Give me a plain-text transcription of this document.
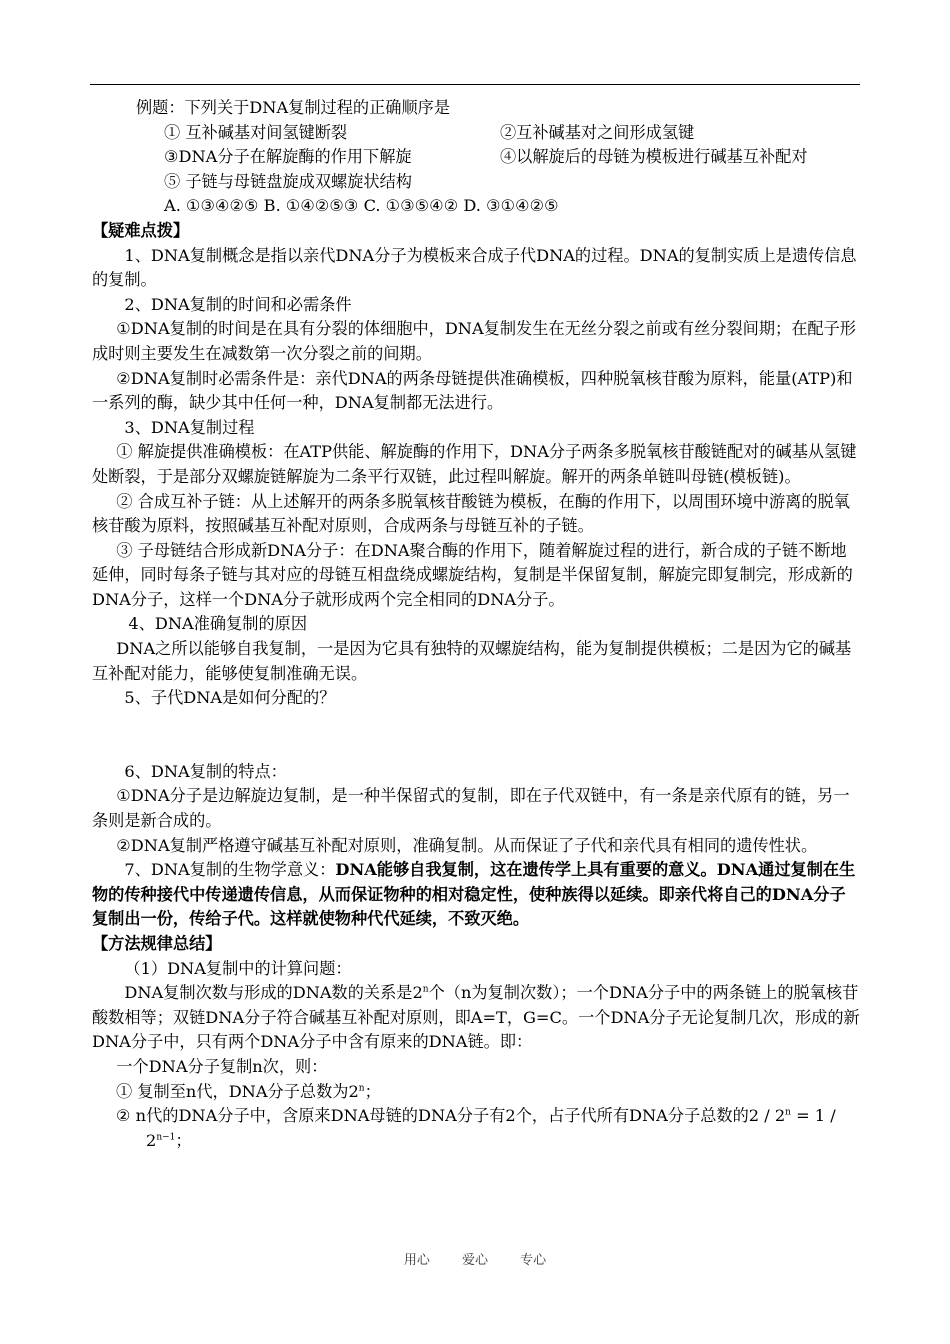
例题：下列关于DNA复制过程的正确顺序是

① 互补碱基对间氢键断裂	②互补碱基对之间形成氢键
③DNA分子在解旋酶的作用下解旋	④以解旋后的母链为模板进行碱基互补配对

⑤ 子链与母链盘旋成双螺旋状结构

A. ①③④②⑤ B. ①④②⑤③ C. ①③⑤④② D. ③①④②⑤

【疑难点拨】

1、DNA复制概念是指以亲代DNA分子为模板来合成子代DNA的过程。DNA的复制实质上是遗传信息的复制。

2、DNA复制的时间和必需条件

①DNA复制的时间是在具有分裂的体细胞中，DNA复制发生在无丝分裂之前或有丝分裂间期；在配子形成时则主要发生在减数第一次分裂之前的间期。

②DNA复制时必需条件是：亲代DNA的两条母链提供准确模板，四种脱氧核苷酸为原料，能量(ATP)和一系列的酶，缺少其中任何一种，DNA复制都无法进行。

3、DNA复制过程

① 解旋提供准确模板：在ATP供能、解旋酶的作用下，DNA分子两条多脱氧核苷酸链配对的碱基从氢键处断裂，于是部分双螺旋链解旋为二条平行双链，此过程叫解旋。解开的两条单链叫母链(模板链)。

② 合成互补子链：从上述解开的两条多脱氧核苷酸链为模板，在酶的作用下，以周围环境中游离的脱氧核苷酸为原料，按照碱基互补配对原则，合成两条与母链互补的子链。

③ 子母链结合形成新DNA分子：在DNA聚合酶的作用下，随着解旋过程的进行，新合成的子链不断地延伸，同时每条子链与其对应的母链互相盘绕成螺旋结构，复制是半保留复制，解旋完即复制完，形成新的DNA分子，这样一个DNA分子就形成两个完全相同的DNA分子。

4、DNA准确复制的原因

DNA之所以能够自我复制，一是因为它具有独特的双螺旋结构，能为复制提供模板；二是因为它的碱基互补配对能力，能够使复制准确无误。

5、子代DNA是如何分配的？

6、DNA复制的特点：

①DNA分子是边解旋边复制，是一种半保留式的复制，即在子代双链中，有一条是亲代原有的链，另一条则是新合成的。

②DNA复制严格遵守碱基互补配对原则，准确复制。从而保证了子代和亲代具有相同的遗传性状。

7、DNA复制的生物学意义：DNA能够自我复制，这在遗传学上具有重要的意义。DNA通过复制在生物的传种接代中传递遗传信息，从而保证物种的相对稳定性，使种族得以延续。即亲代将自己的DNA分子复制出一份，传给子代。这样就使物种代代延续，不致灭绝。

【方法规律总结】

（1）DNA复制中的计算问题：

DNA复制次数与形成的DNA数的关系是2$^n$个（n为复制次数）；一个DNA分子中的两条链上的脱氧核苷酸数相等；双链DNA分子符合碱基互补配对原则，即A=T，G=C。一个DNA分子无论复制几次，形成的新DNA分子中，只有两个DNA分子中含有原来的DNA链。即：

一个DNA分子复制n次，则：

① 复制至n代，DNA分子总数为2$^n$；

② n代的DNA分子中，含原来DNA母链的DNA分子有2个，占子代所有DNA分子总数的$2 / 2^n = 1 / 2^{n-1}$；

用心 爱心 专心
